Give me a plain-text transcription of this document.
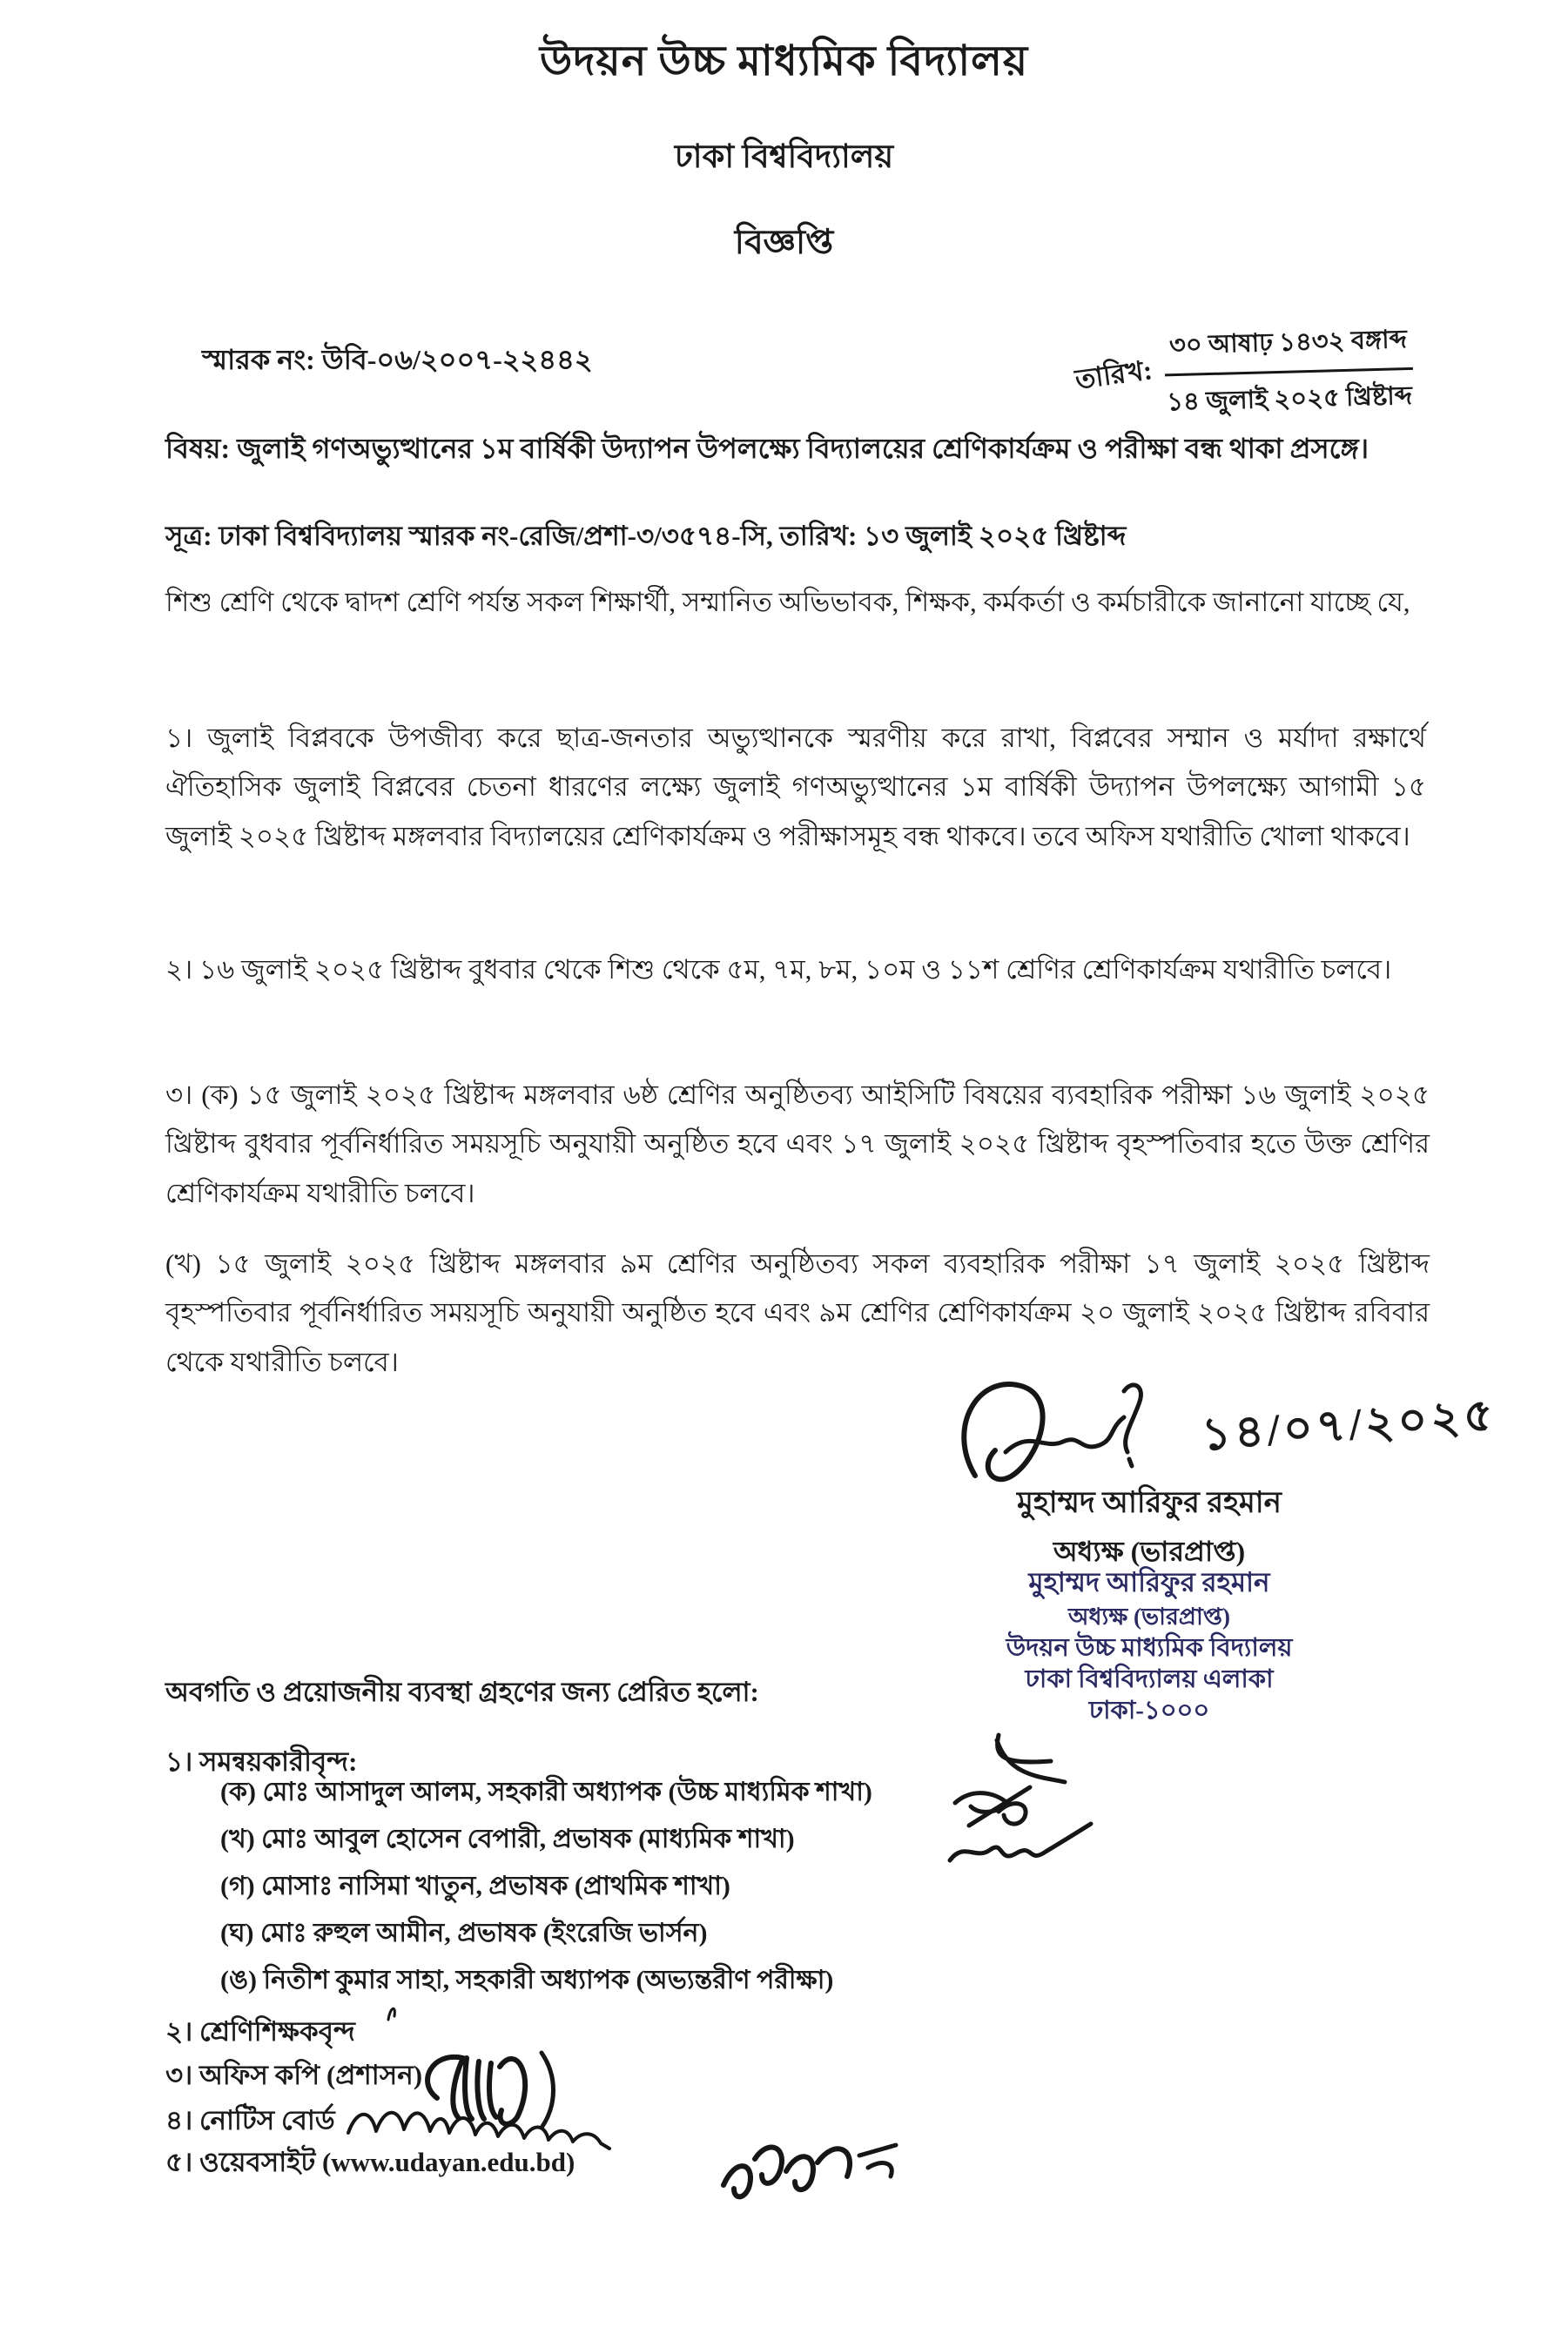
উদয়ন উচ্চ মাধ্যমিক বিদ্যালয়
ঢাকা বিশ্ববিদ্যালয়
বিজ্ঞপ্তি
স্মারক নং: উবি-০৬/২০০৭-২২৪৪২	তারিখ:
৩০ আষাঢ় ১৪৩২ বঙ্গাব্দ
১৪ জুলাই ২০২৫ খ্রিষ্টাব্দ
বিষয়: জুলাই গণঅভ্যুত্থানের ১ম বার্ষিকী উদ্যাপন উপলক্ষ্যে বিদ্যালয়ের শ্রেণিকার্যক্রম ও পরীক্ষা বন্ধ থাকা প্রসঙ্গে।
সূত্র: ঢাকা বিশ্ববিদ্যালয় স্মারক নং-রেজি/প্রশা-৩/৩৫৭৪-সি, তারিখ: ১৩ জুলাই ২০২৫ খ্রিষ্টাব্দ
শিশু শ্রেণি থেকে দ্বাদশ শ্রেণি পর্যন্ত সকল শিক্ষার্থী, সম্মানিত অভিভাবক, শিক্ষক, কর্মকর্তা ও কর্মচারীকে জানানো যাচ্ছে যে,
১। জুলাই বিপ্লবকে উপজীব্য করে ছাত্র-জনতার অভ্যুত্থানকে স্মরণীয় করে রাখা, বিপ্লবের সম্মান ও মর্যাদা রক্ষার্থে ঐতিহাসিক জুলাই বিপ্লবের চেতনা ধারণের লক্ষ্যে জুলাই গণঅভ্যুত্থানের ১ম বার্ষিকী উদ্যাপন উপলক্ষ্যে আগামী ১৫ জুলাই ২০২৫ খ্রিষ্টাব্দ মঙ্গলবার বিদ্যালয়ের শ্রেণিকার্যক্রম ও পরীক্ষাসমূহ বন্ধ থাকবে। তবে অফিস যথারীতি খোলা থাকবে।
২। ১৬ জুলাই ২০২৫ খ্রিষ্টাব্দ বুধবার থেকে শিশু থেকে ৫ম, ৭ম, ৮ম, ১০ম ও ১১শ শ্রেণির শ্রেণিকার্যক্রম যথারীতি চলবে।
৩। (ক) ১৫ জুলাই ২০২৫ খ্রিষ্টাব্দ মঙ্গলবার ৬ষ্ঠ শ্রেণির অনুষ্ঠিতব্য আইসিটি বিষয়ের ব্যবহারিক পরীক্ষা ১৬ জুলাই ২০২৫ খ্রিষ্টাব্দ বুধবার পূর্বনির্ধারিত সময়সূচি অনুযায়ী অনুষ্ঠিত হবে এবং ১৭ জুলাই ২০২৫ খ্রিষ্টাব্দ বৃহস্পতিবার হতে উক্ত শ্রেণির শ্রেণিকার্যক্রম যথারীতি চলবে।
(খ) ১৫ জুলাই ২০২৫ খ্রিষ্টাব্দ মঙ্গলবার ৯ম শ্রেণির অনুষ্ঠিতব্য সকল ব্যবহারিক পরীক্ষা ১৭ জুলাই ২০২৫ খ্রিষ্টাব্দ বৃহস্পতিবার পূর্বনির্ধারিত সময়সূচি অনুযায়ী অনুষ্ঠিত হবে এবং ৯ম শ্রেণির শ্রেণিকার্যক্রম ২০ জুলাই ২০২৫ খ্রিষ্টাব্দ রবিবার থেকে যথারীতি চলবে।
১৪/০৭/২০২৫
মুহাম্মদ আরিফুর রহমান
অধ্যক্ষ (ভারপ্রাপ্ত)
মুহাম্মদ আরিফুর রহমান
অধ্যক্ষ (ভারপ্রাপ্ত)
উদয়ন উচ্চ মাধ্যমিক বিদ্যালয়
ঢাকা বিশ্ববিদ্যালয় এলাকা
ঢাকা-১০০০
অবগতি ও প্রয়োজনীয় ব্যবস্থা গ্রহণের জন্য প্রেরিত হলো:
১। সমন্বয়কারীবৃন্দ:
(ক) মোঃ আসাদুল আলম, সহকারী অধ্যাপক (উচ্চ মাধ্যমিক শাখা)
(খ) মোঃ আবুল হোসেন বেপারী, প্রভাষক (মাধ্যমিক শাখা)
(গ) মোসাঃ নাসিমা খাতুন, প্রভাষক (প্রাথমিক শাখা)
(ঘ) মোঃ রুহুল আমীন, প্রভাষক (ইংরেজি ভার্সন)
(ঙ) নিতীশ কুমার সাহা, সহকারী অধ্যাপক (অভ্যন্তরীণ পরীক্ষা)
২। শ্রেণিশিক্ষকবৃন্দ
৩। অফিস কপি (প্রশাসন)
৪। নোটিস বোর্ড
৫। ওয়েবসাইট (www.udayan.edu.bd)
